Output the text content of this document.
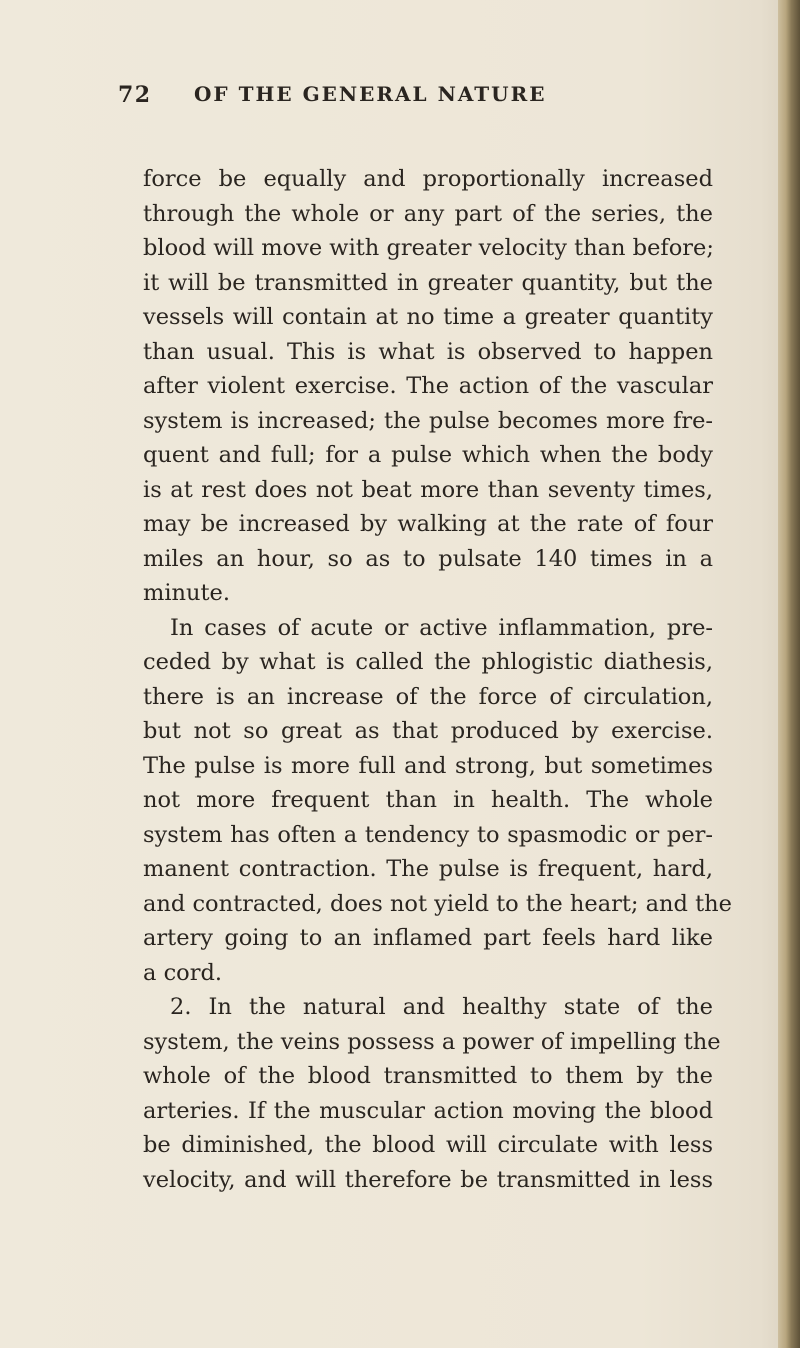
72 OF THE GENERAL NATURE
force be equally and proportionally increased
through the whole or any part of the series, the
blood will move with greater velocity than before;
it will be transmitted in greater quantity, but the
vessels will contain at no time a greater quantity
than usual. This is what is observed to happen
after violent exercise. The action of the vascular
system is increased; the pulse becomes more fre-
quent and full; for a pulse which when the body
is at rest does not beat more than seventy times,
may be increased by walking at the rate of four
miles an hour, so as to pulsate 140 times in a
minute.
In cases of acute or active inflammation, pre-
ceded by what is called the phlogistic diathesis,
there is an increase of the force of circulation,
but not so great as that produced by exercise.
The pulse is more full and strong, but sometimes
not more frequent than in health. The whole
system has often a tendency to spasmodic or per-
manent contraction. The pulse is frequent, hard,
and contracted, does not yield to the heart; and the
artery going to an inflamed part feels hard like
a cord.
2. In the natural and healthy state of the
system, the veins possess a power of impelling the
whole of the blood transmitted to them by the
arteries. If the muscular action moving the blood
be diminished, the blood will circulate with less
velocity, and will therefore be transmitted in less
